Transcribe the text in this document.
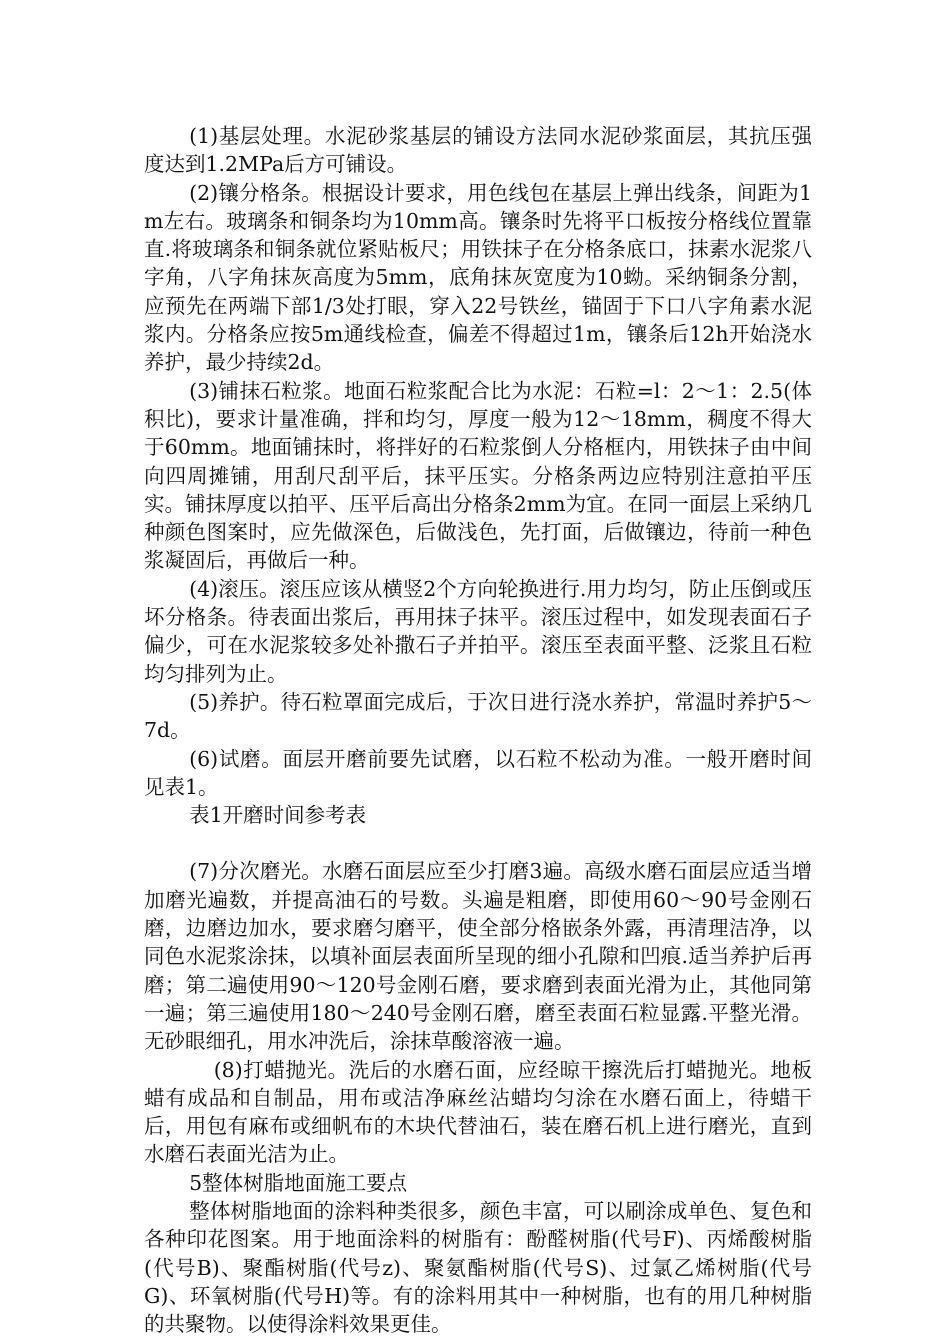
(1)基层处理。水泥砂浆基层的铺设方法同水泥砂浆面层，其抗压强度达到1.2MPa后方可铺设。

(2)镶分格条。根据设计要求，用色线包在基层上弹出线条，间距为1m左右。玻璃条和铜条均为10mm高。镶条时先将平口板按分格线位置靠直.将玻璃条和铜条就位紧贴板尺；用铁抹子在分格条底口，抹素水泥浆八字角，八字角抹灰高度为5mm，底角抹灰宽度为10蚴。采纳铜条分割，应预先在两端下部1/3处打眼，穿入22号铁丝，锚固于下口八字角素水泥浆内。分格条应按5m通线检查，偏差不得超过1m，镶条后12h开始浇水养护，最少持续2d。

(3)铺抹石粒浆。地面石粒浆配合比为水泥：石粒=l：2～1：2.5(体积比)，要求计量准确，拌和均匀，厚度一般为12～18mm，稠度不得大于60mm。地面铺抹时，将拌好的石粒浆倒人分格框内，用铁抹子由中间向四周摊铺，用刮尺刮平后，抹平压实。分格条两边应特别注意拍平压实。铺抹厚度以拍平、压平后高出分格条2mm为宜。在同一面层上采纳几种颜色图案时，应先做深色，后做浅色，先打面，后做镶边，待前一种色浆凝固后，再做后一种。

(4)滚压。滚压应该从横竖2个方向轮换进行.用力均匀，防止压倒或压坏分格条。待表面出浆后，再用抹子抹平。滚压过程中，如发现表面石子偏少，可在水泥浆较多处补撒石子并拍平。滚压至表面平整、泛浆且石粒均匀排列为止。

(5)养护。待石粒罩面完成后，于次日进行浇水养护，常温时养护5～7d。

(6)试磨。面层开磨前要先试磨，以石粒不松动为准。一般开磨时间见表1。

表1开磨时间参考表

(7)分次磨光。水磨石面层应至少打磨3遍。高级水磨石面层应适当增加磨光遍数，并提高油石的号数。头遍是粗磨，即使用60～90号金刚石磨，边磨边加水，要求磨匀磨平，使全部分格嵌条外露，再清理洁净，以同色水泥浆涂抹，以填补面层表面所呈现的细小孔隙和凹痕.适当养护后再磨；第二遍使用90～120号金刚石磨，要求磨到表面光滑为止，其他同第一遍；第三遍使用180～240号金刚石磨，磨至表面石粒显露.平整光滑。无砂眼细孔，用水冲洗后，涂抹草酸溶液一遍。

(8)打蜡抛光。洗后的水磨石面，应经晾干擦洗后打蜡抛光。地板蜡有成品和自制品，用布或洁净麻丝沾蜡均匀涂在水磨石面上，待蜡干后，用包有麻布或细帆布的木块代替油石，装在磨石机上进行磨光，直到水磨石表面光洁为止。

5整体树脂地面施工要点

整体树脂地面的涂料种类很多，颜色丰富，可以刷涂成单色、复色和各种印花图案。用于地面涂料的树脂有：酚醛树脂(代号F)、丙烯酸树脂(代号B)、聚酯树脂(代号z)、聚氨酯树脂(代号S)、过氯乙烯树脂(代号G)、环氧树脂(代号H)等。有的涂料用其中一种树脂，也有的用几种树脂的共聚物。以使得涂料效果更佳。
